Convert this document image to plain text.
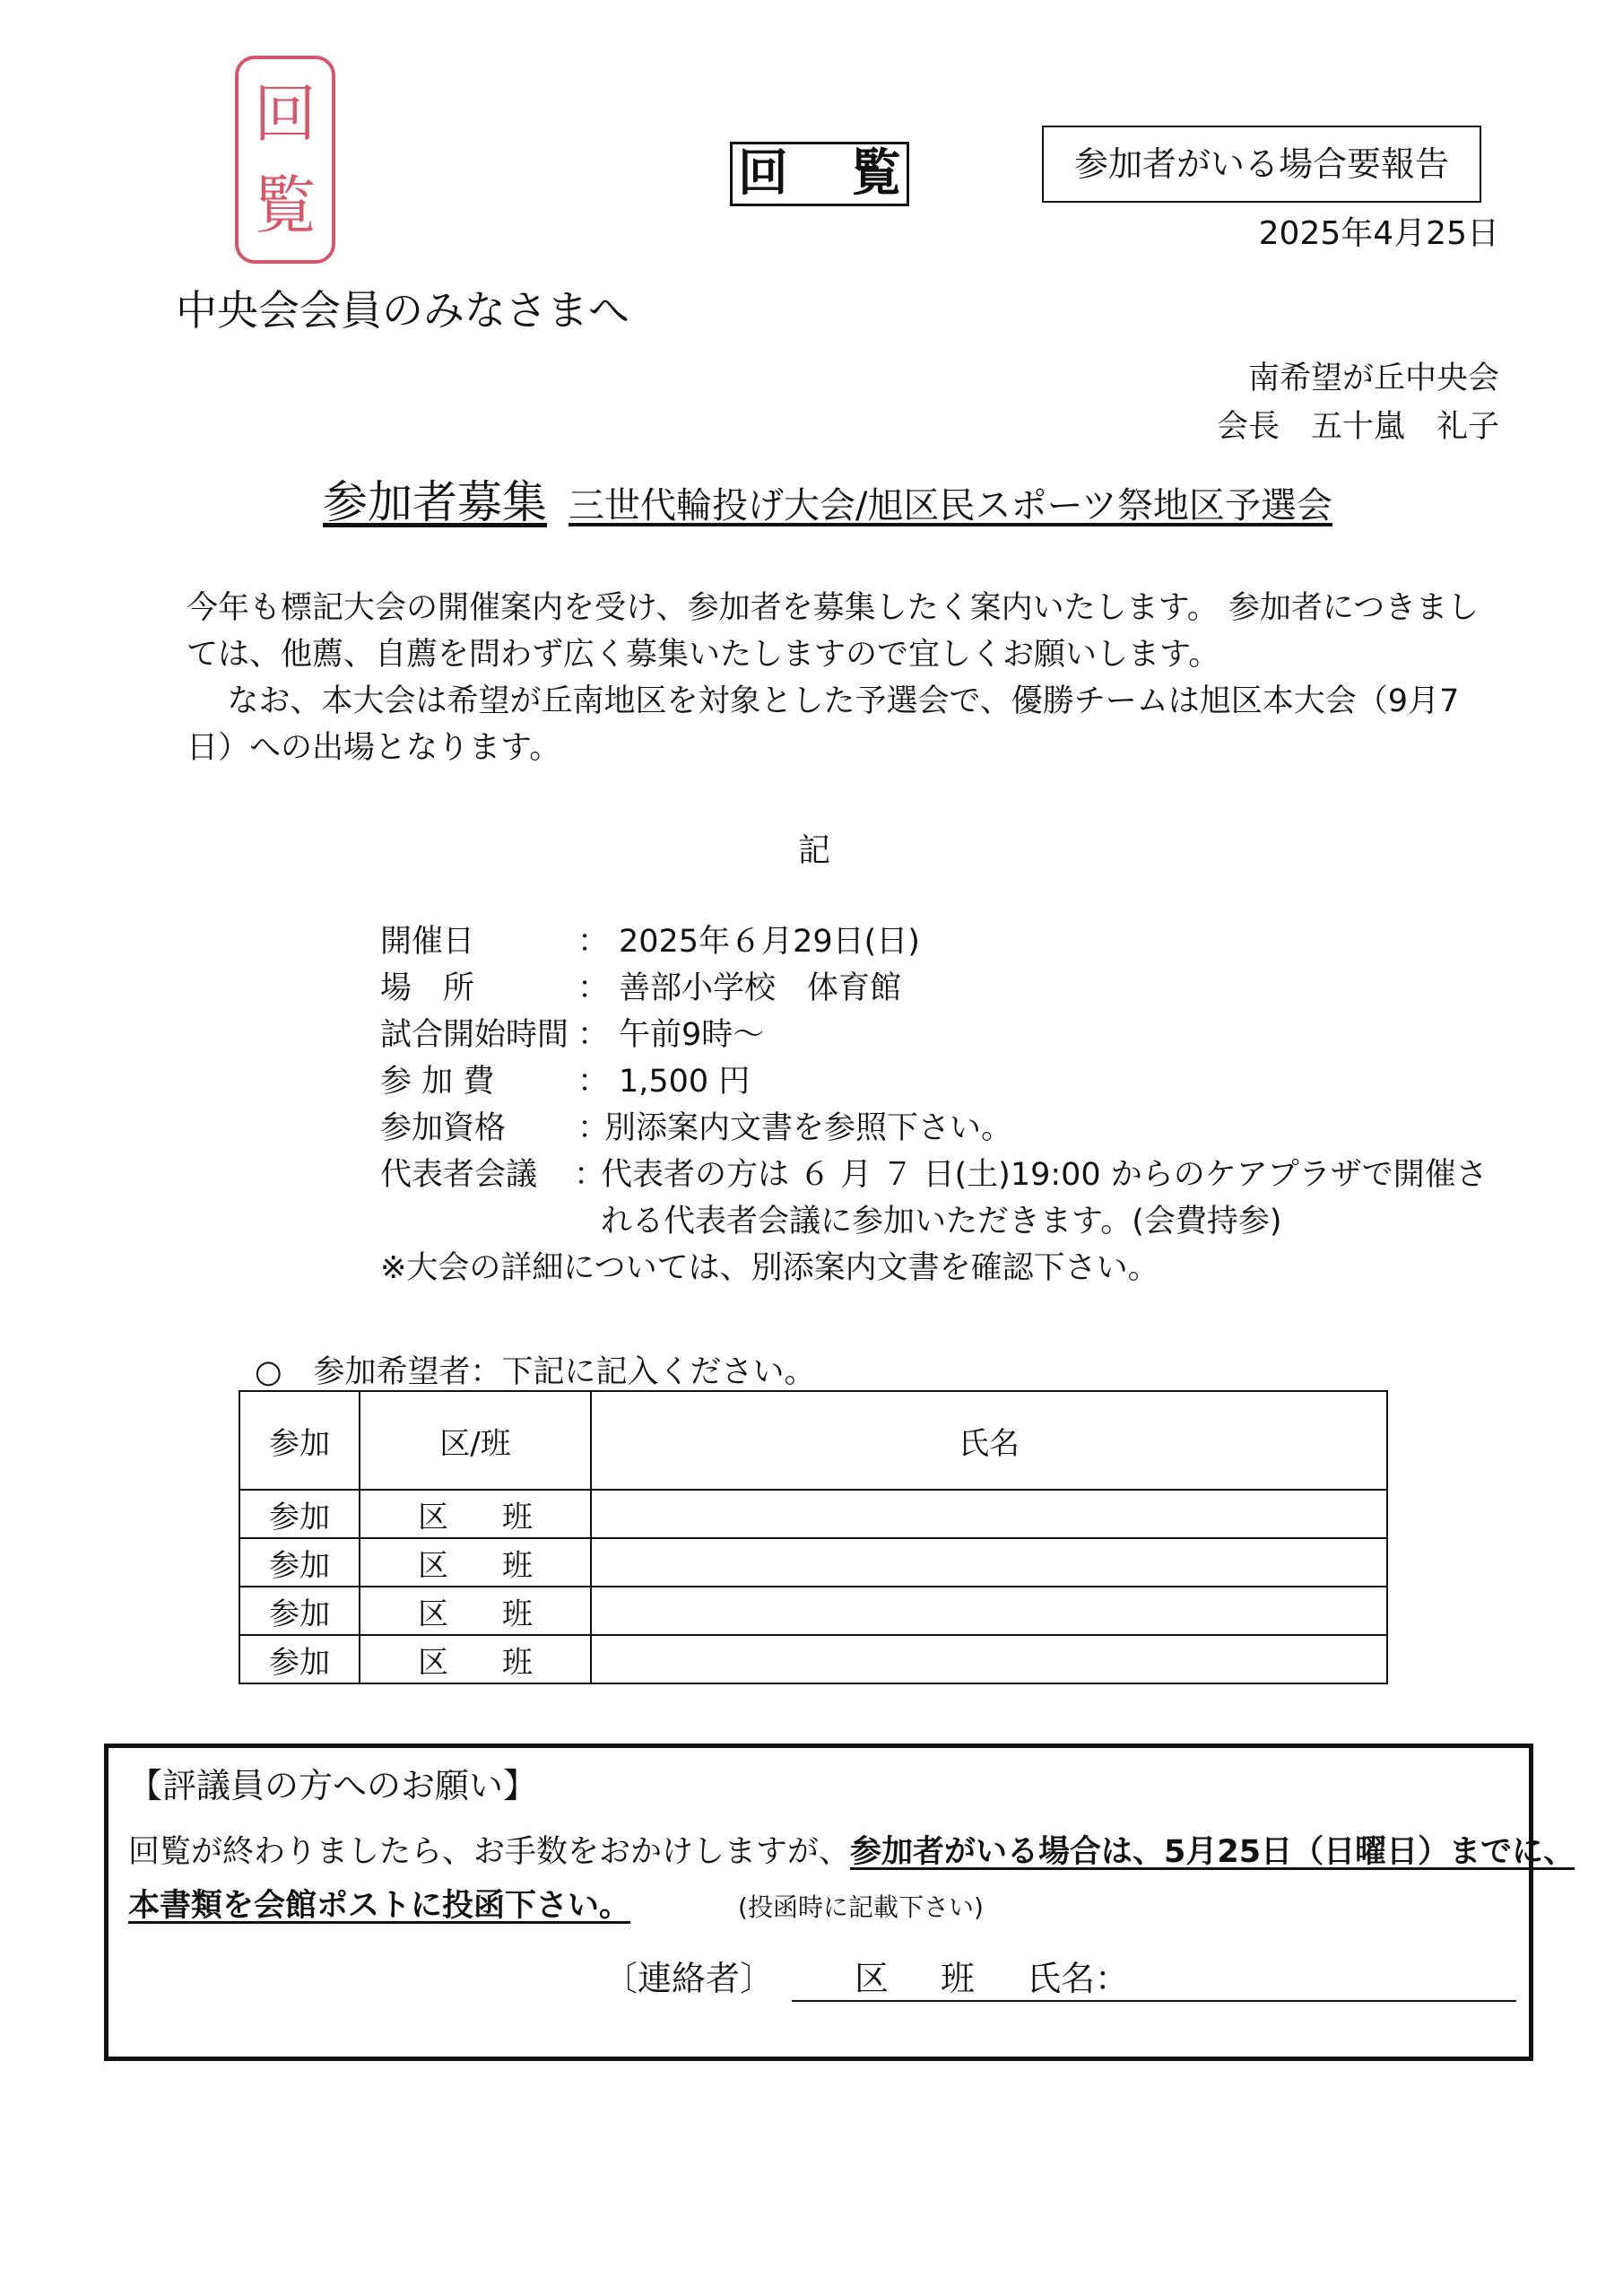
回
覧	回 覧	参加者がいる場合要報告
2025年4月25日
中央会会員のみなさまへ
南希望が丘中央会
会長　五十嵐　礼子
参加者募集 三世代輪投げ大会/旭区民スポーツ祭地区予選会

今年も標記大会の開催案内を受け、参加者を募集したく案内いたします。 参加者につきましては、他薦、自薦を問わず広く募集いたしますので宜しくお願いします。

なお、本大会は希望が丘南地区を対象とした予選会で、優勝チームは旭区本大会（9月7日）への出場となります。

記
開催日	： 2025年６月29日(日)
場　所	： 善部小学校　体育館
試合開始時間 ： 午前9時～
参 加 費	： 1,500 円
参加資格	：
別添案内文書を参照下さい。
代表者会議	：
代表者の方は ６ 月 ７ 日(土)19:00 からのケアプラザで開催される代表者会議に参加いただきます。(会費持参)
※大会の詳細については、別添案内文書を確認下さい。
○　参加希望者：下記に記入ください。
参加	区/班	氏名
参加	区 班	

参加	区 班	

参加	区 班	

参加	区 班	

【評議員の方へのお願い】
回覧が終わりましたら、お手数をおかけしますが、参加者がいる場合は、5月25日（日曜日）までに、
本書類を会館ポストに投函下さい。	(投函時に記載下さい)
〔連絡者〕 区 班 氏名：
